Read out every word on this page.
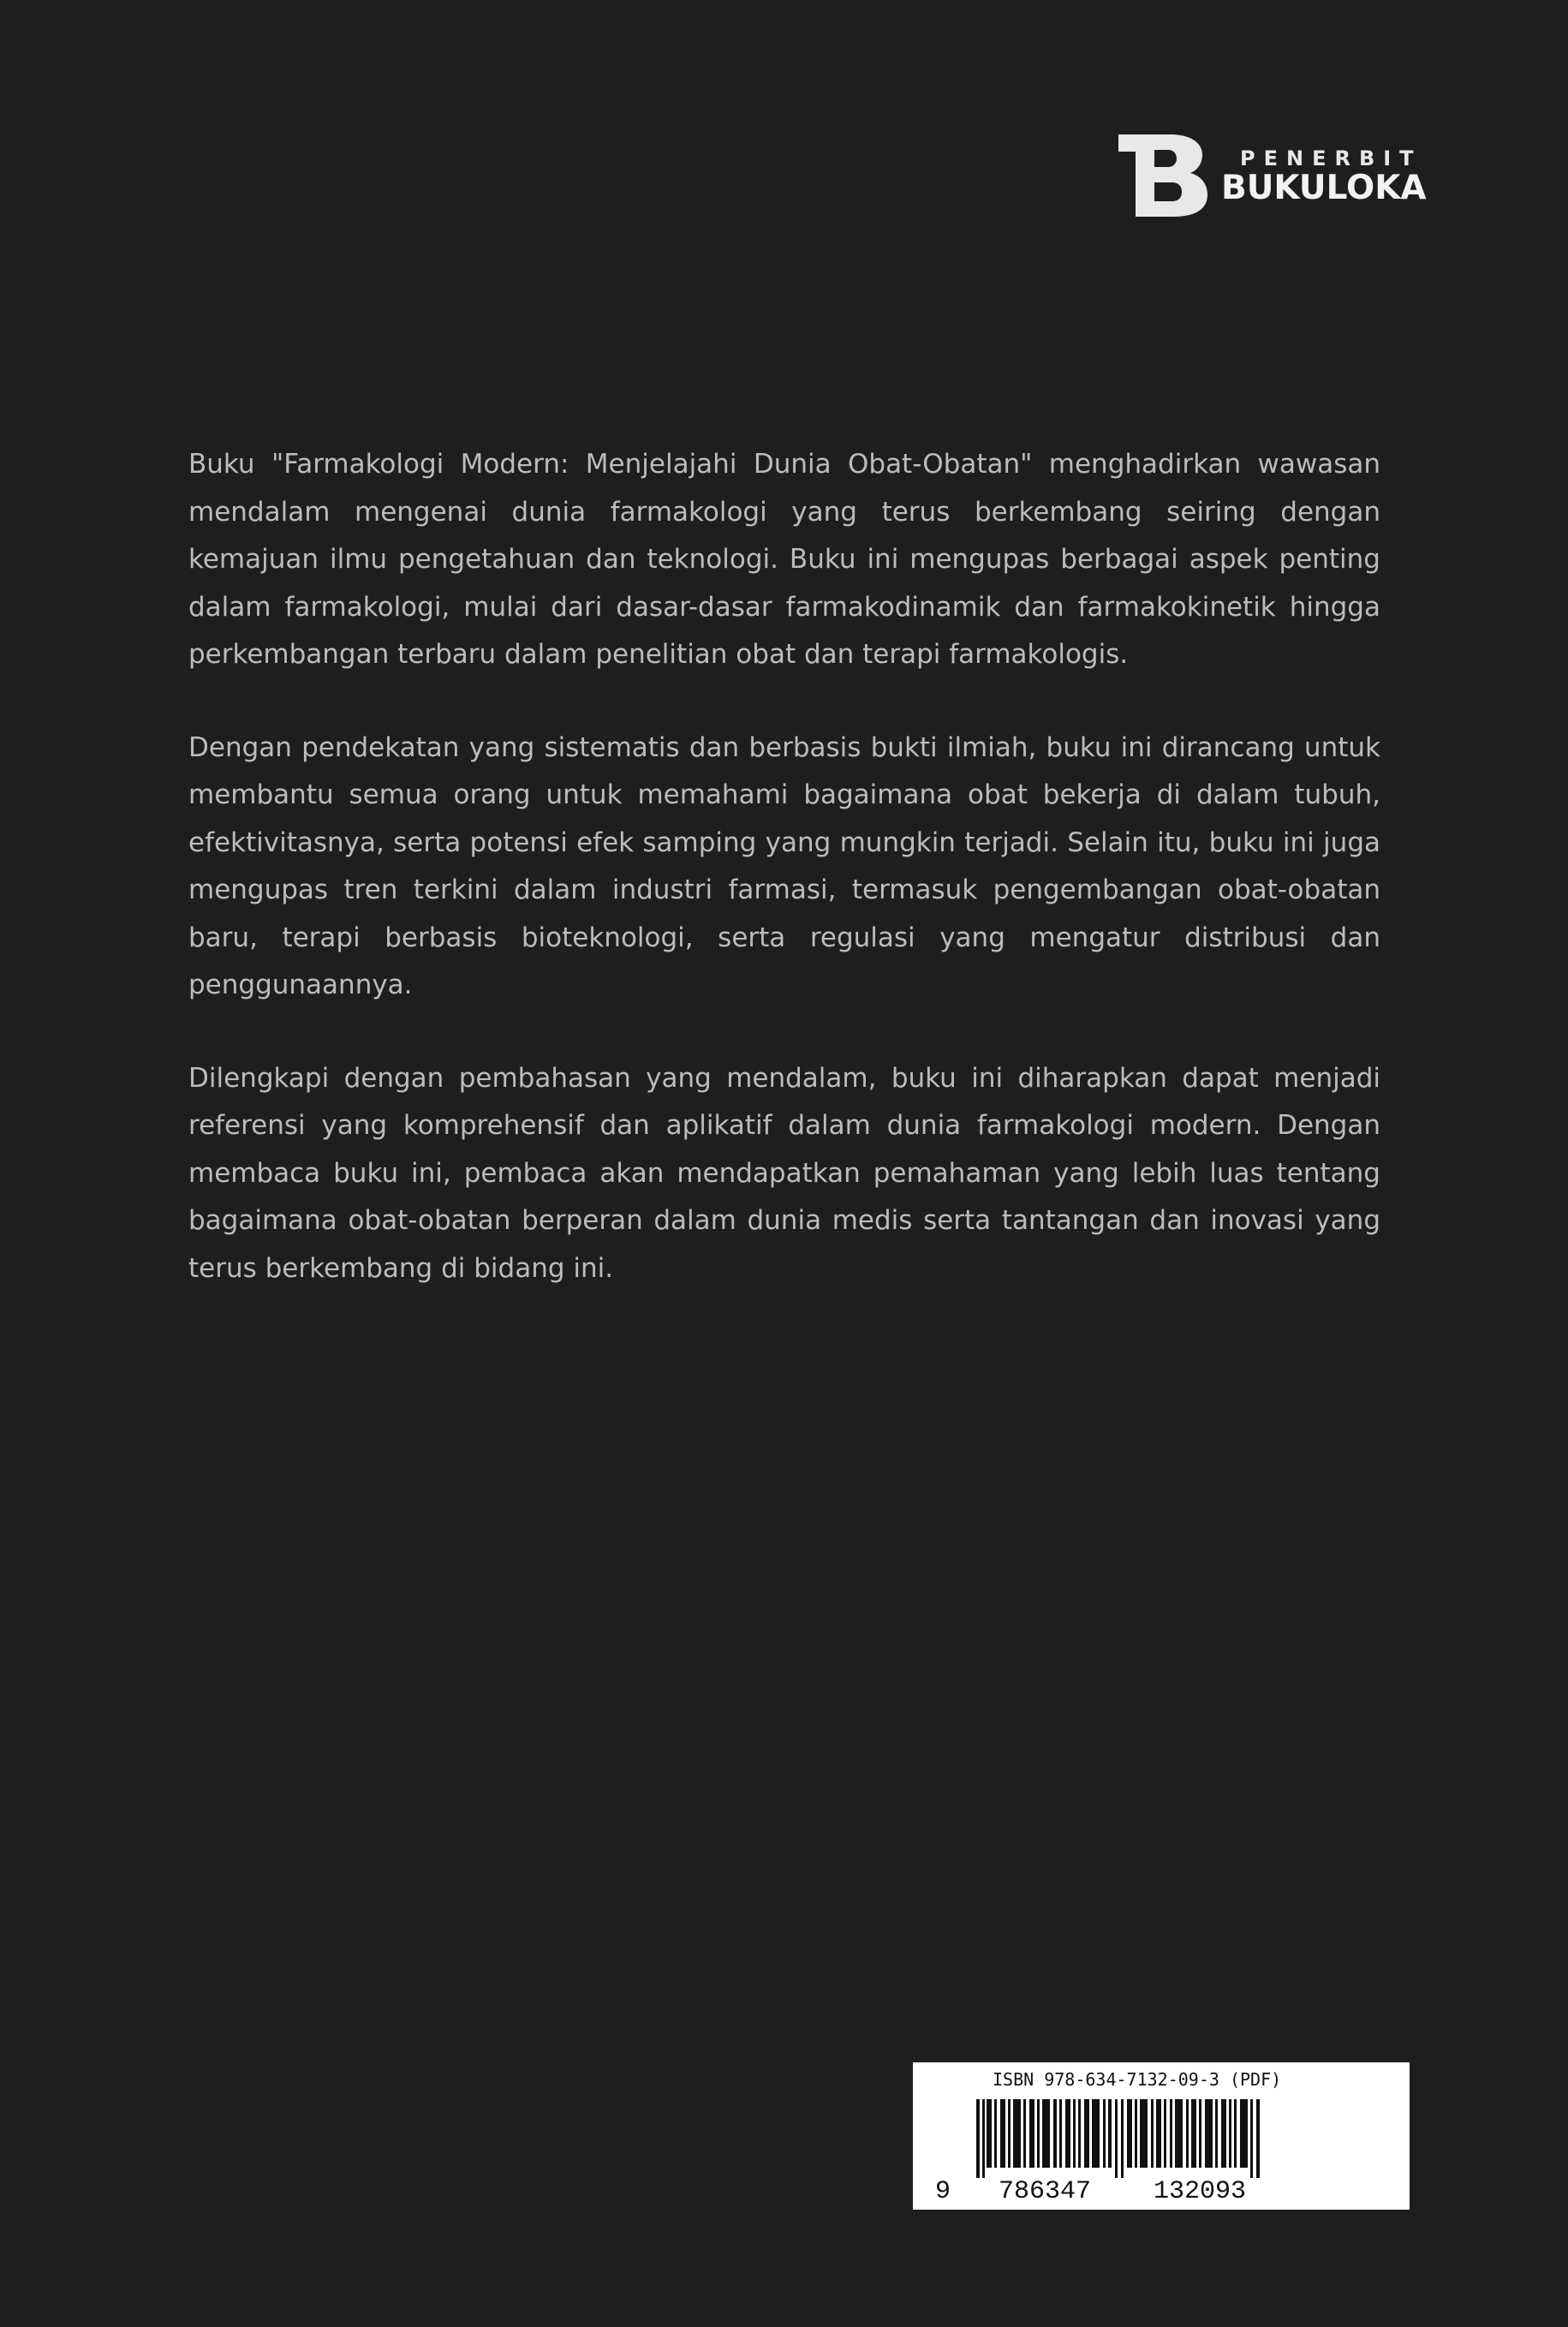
PENERBIT
BUKULOKA

Buku "Farmakologi Modern: Menjelajahi Dunia Obat-Obatan" menghadirkan wawasan mendalam mengenai dunia farmakologi yang terus berkembang seiring dengan kemajuan ilmu pengetahuan dan teknologi. Buku ini mengupas berbagai aspek penting dalam farmakologi, mulai dari dasar-dasar farmakodinamik dan farmakokinetik hingga perkembangan terbaru dalam penelitian obat dan terapi farmakologis.

Dengan pendekatan yang sistematis dan berbasis bukti ilmiah, buku ini dirancang untuk membantu semua orang untuk memahami bagaimana obat bekerja di dalam tubuh, efektivitasnya, serta potensi efek samping yang mungkin terjadi. Selain itu, buku ini juga mengupas tren terkini dalam industri farmasi, termasuk pengembangan obat-obatan baru, terapi berbasis bioteknologi, serta regulasi yang mengatur distribusi dan penggunaannya.

Dilengkapi dengan pembahasan yang mendalam, buku ini diharapkan dapat menjadi referensi yang komprehensif dan aplikatif dalam dunia farmakologi modern. Dengan membaca buku ini, pembaca akan mendapatkan pemahaman yang lebih luas tentang bagaimana obat-obatan berperan dalam dunia medis serta tantangan dan inovasi yang terus berkembang di bidang ini.

ISBN 978-634-7132-09-3 (PDF)
9 786347 132093
